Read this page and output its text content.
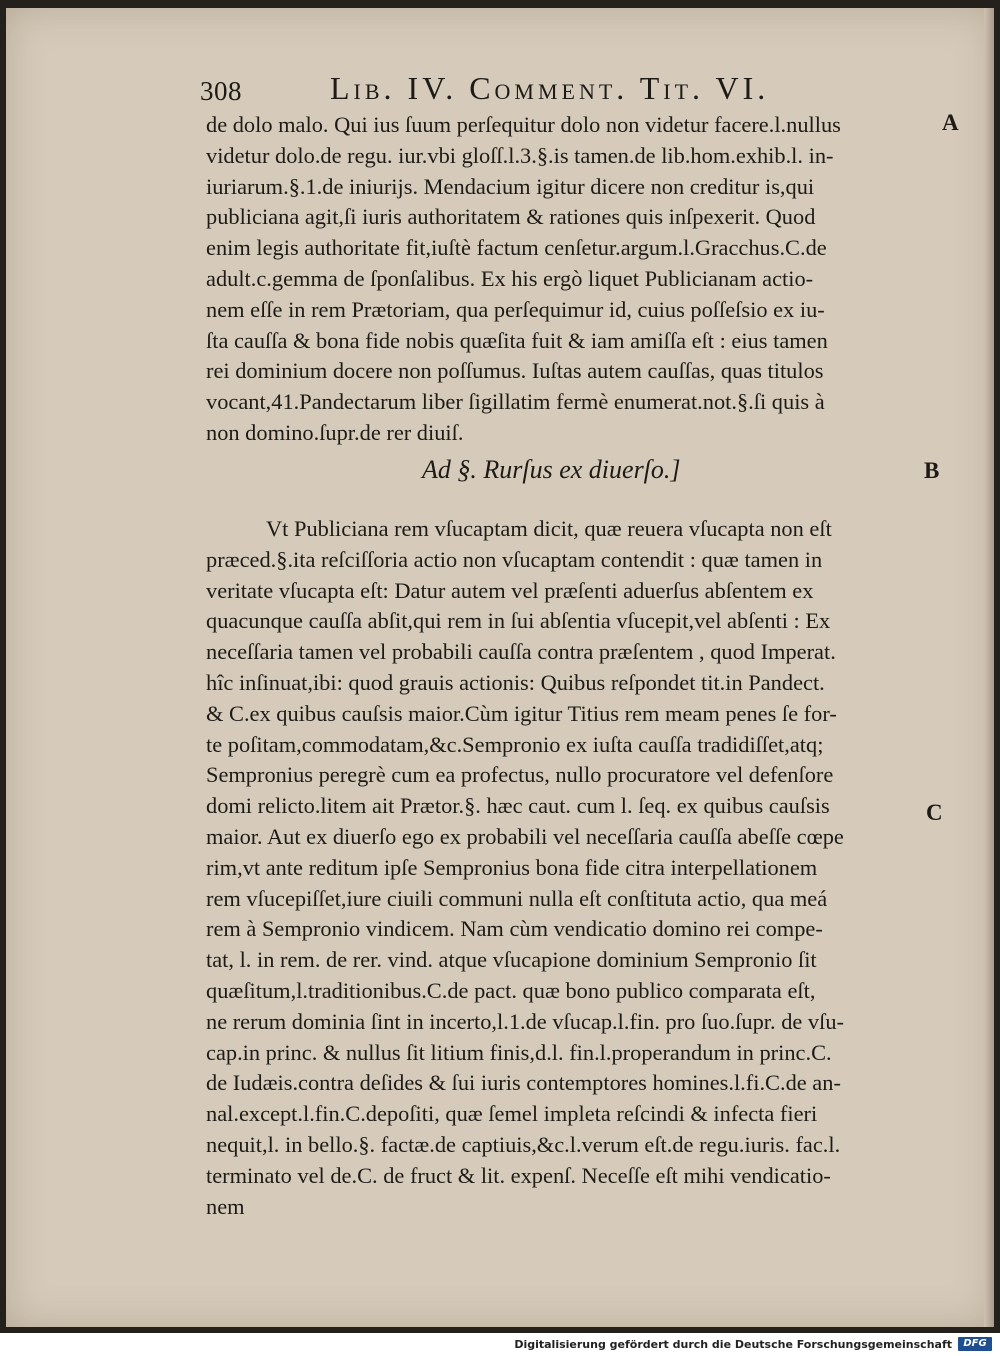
308	Lib. IV. Comment. Tit. VI.
A
B
C
de dolo malo. Qui ius ſuum perſequitur dolo non videtur facere.l.nullus
videtur dolo.de regu. iur.vbi gloſſ.l.3.§.is tamen.de lib.hom.exhib.l. in-
iuriarum.§.1.de iniurijs. Mendacium igitur dicere non creditur is,qui
publiciana agit,ſi iuris authoritatem & rationes quis inſpexerit. Quod
enim legis authoritate fit,iuſtè factum cenſetur.argum.l.Gracchus.C.de
adult.c.gemma de ſponſalibus. Ex his ergò liquet Publicianam actio-
nem eſſe in rem Prætoriam, qua perſequimur id, cuius poſſeſsio ex iu-
ſta cauſſa & bona fide nobis quæſita fuit & iam amiſſa eſt : eius tamen
rei dominium docere non poſſumus. Iuſtas autem cauſſas, quas titulos
vocant,41.Pandectarum liber ſigillatim fermè enumerat.not.§.ſi quis à
non domino.ſupr.de rer diuiſ.
Ad §. Rurſus ex diuerſo.]
Vt Publiciana rem vſucaptam dicit, quæ reuera vſucapta non eſt
præced.§.ita reſciſſoria actio non vſucaptam contendit : quæ tamen in
veritate vſucapta eſt: Datur autem vel præſenti aduerſus abſentem ex
quacunque cauſſa abſit,qui rem in ſui abſentia vſucepit,vel abſenti : Ex
neceſſaria tamen vel probabili cauſſa contra præſentem , quod Imperat.
hîc inſinuat,ibi: quod grauis actionis: Quibus reſpondet tit.in Pandect.
& C.ex quibus cauſsis maior.Cùm igitur Titius rem meam penes ſe for-
te poſitam,commodatam,&c.Sempronio ex iuſta cauſſa tradidiſſet,atq;
Sempronius peregrè cum ea profectus, nullo procuratore vel defenſore
domi relicto.litem ait Prætor.§. hæc caut. cum l. ſeq. ex quibus cauſsis
maior. Aut ex diuerſo ego ex probabili vel neceſſaria cauſſa abeſſe cœpe
rim,vt ante reditum ipſe Sempronius bona fide citra interpellationem
rem vſucepiſſet,iure ciuili communi nulla eſt conſtituta actio, qua meá
rem à Sempronio vindicem. Nam cùm vendicatio domino rei compe-
tat, l. in rem. de rer. vind. atque vſucapione dominium Sempronio ſit
quæſitum,l.traditionibus.C.de pact. quæ bono publico comparata eſt,
ne rerum dominia ſint in incerto,l.1.de vſucap.l.fin. pro ſuo.ſupr. de vſu-
cap.in princ. & nullus ſit litium finis,d.l. fin.l.properandum in princ.C.
de Iudæis.contra deſides & ſui iuris contemptores homines.l.fi.C.de an-
nal.except.l.fin.C.depoſiti, quæ ſemel impleta reſcindi & infecta fieri
nequit,l. in bello.§. factæ.de captiuis,&c.l.verum eſt.de regu.iuris. fac.l.
terminato vel de.C. de fruct & lit. expenſ. Neceſſe eſt mihi vendicatio-
nem
Digitalisierung gefördert durch die Deutsche Forschungsgemeinschaft	DFG
